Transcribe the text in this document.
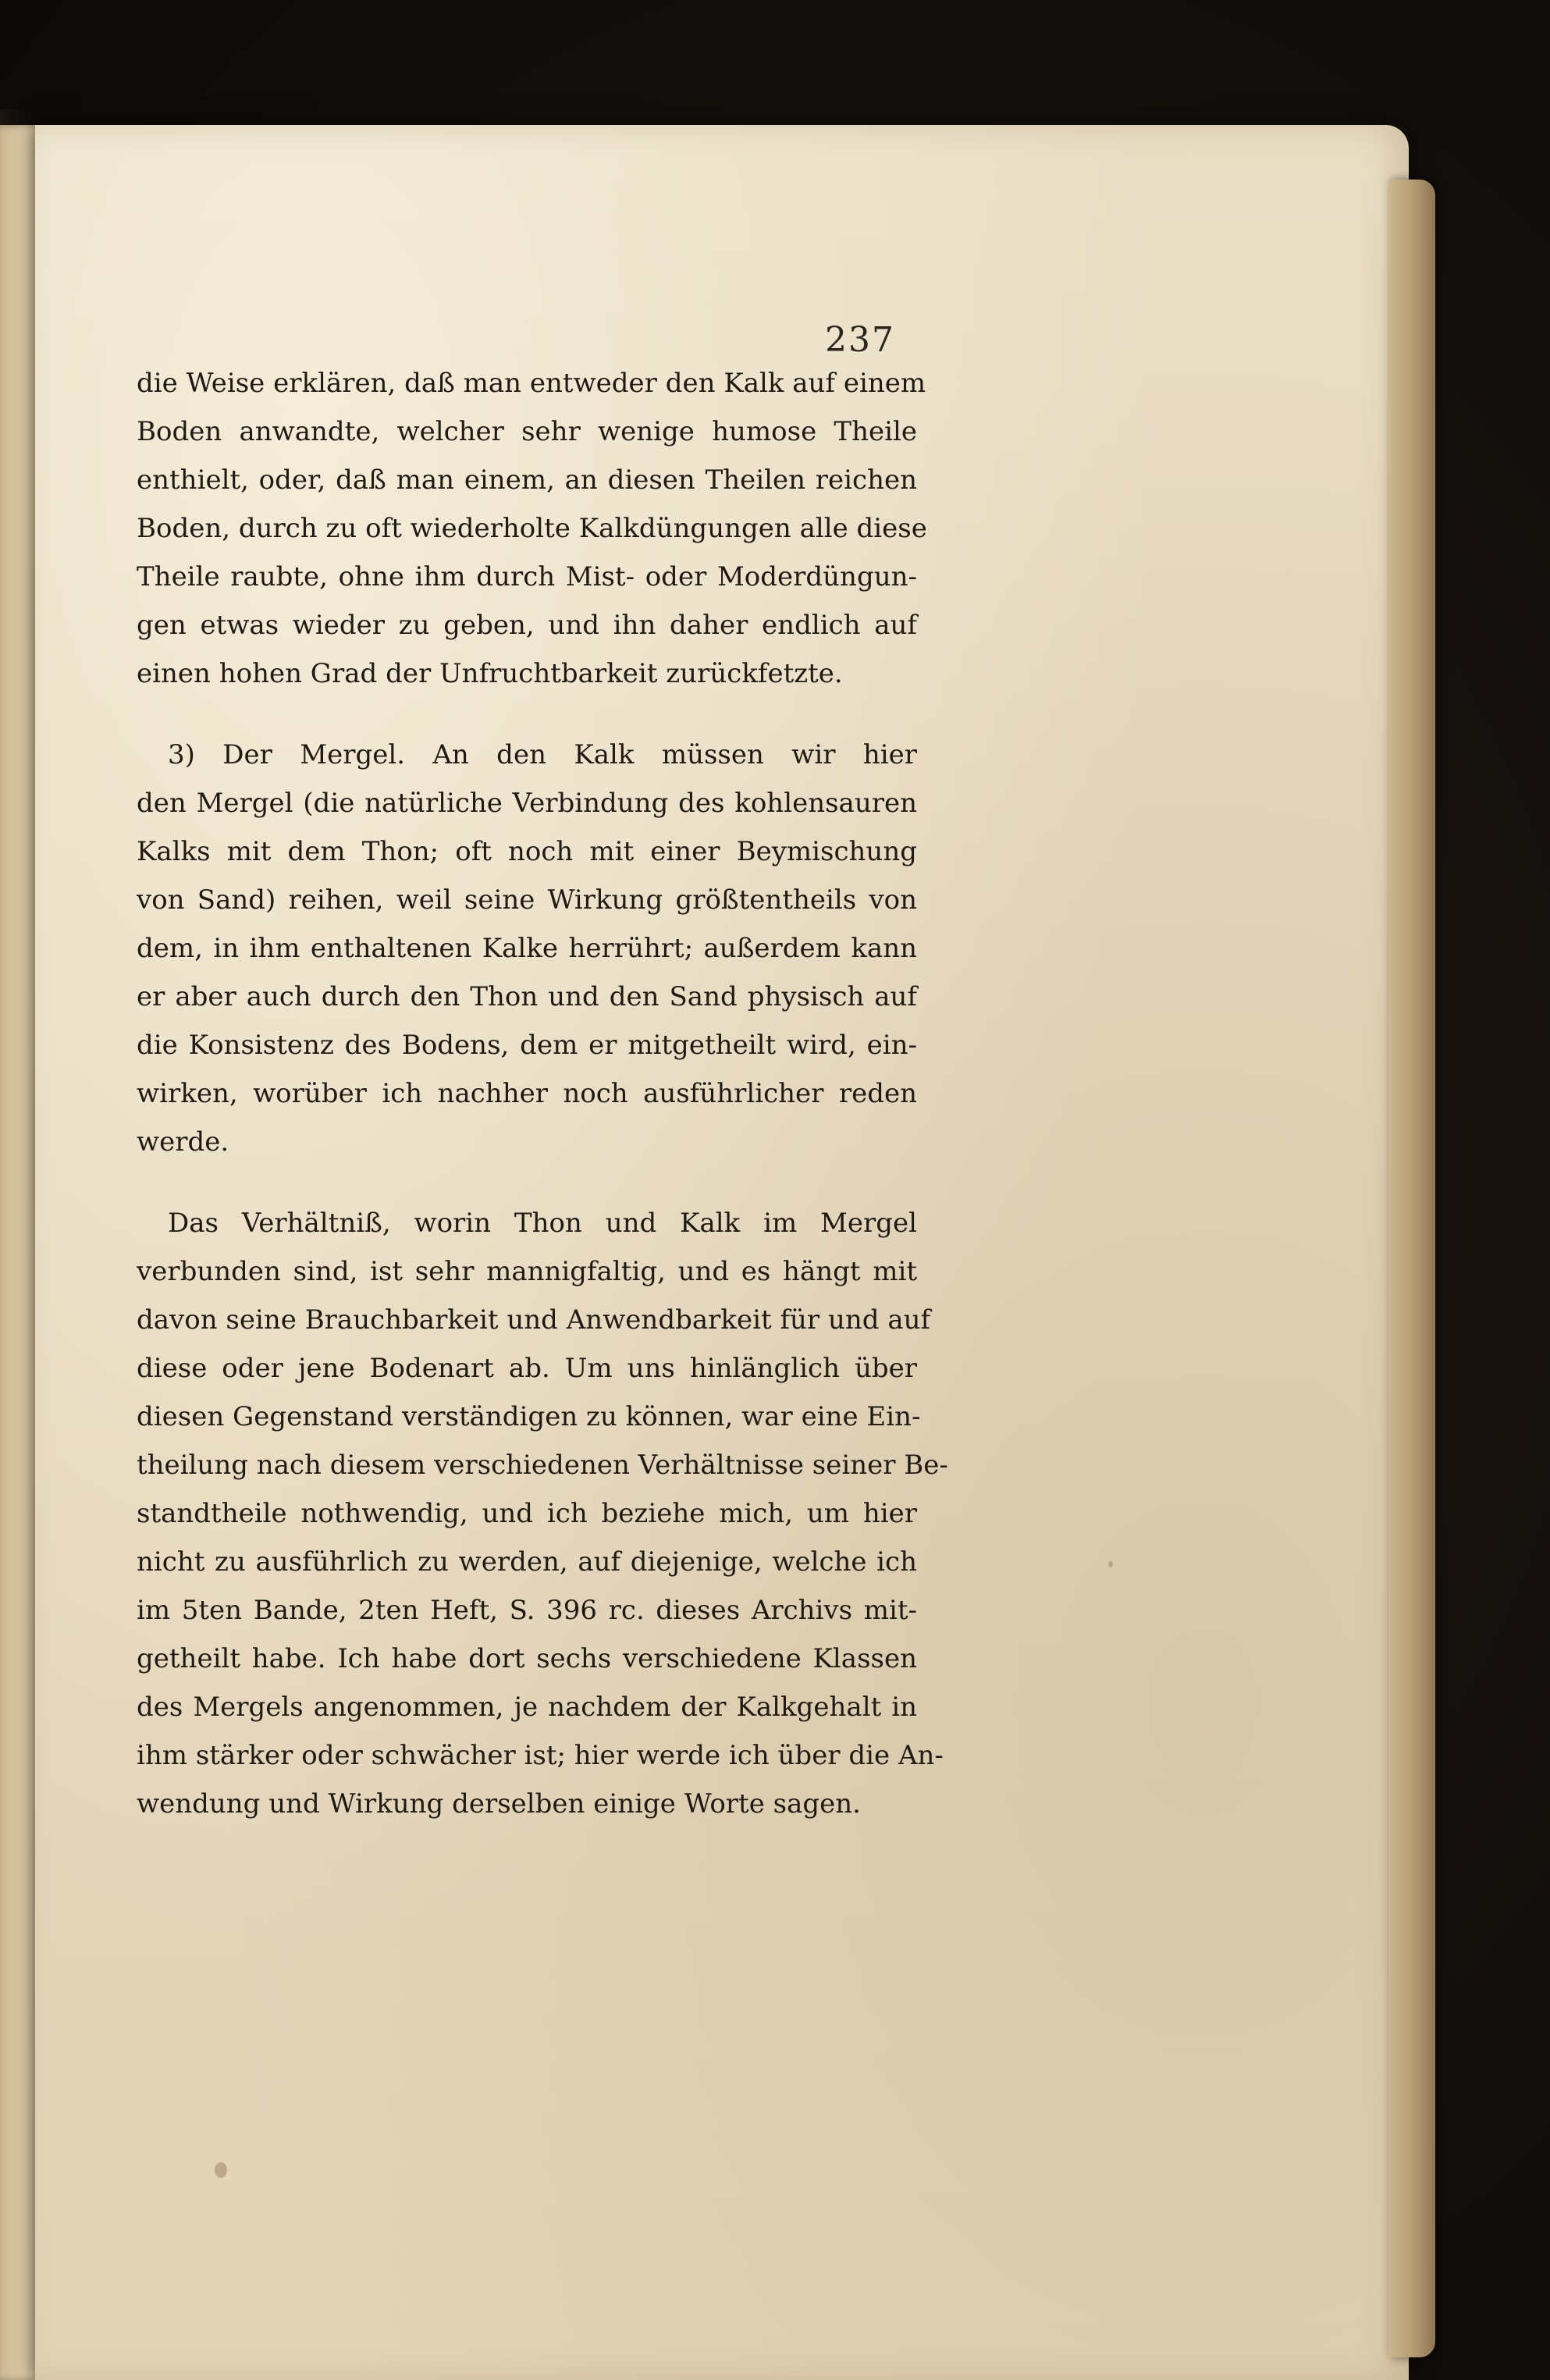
237
die Weise erklären, daß man entweder den Kalk auf einem
Boden anwandte, welcher sehr wenige humose Theile
enthielt, oder, daß man einem, an diesen Theilen reichen
Boden, durch zu oft wiederholte Kalkdüngungen alle diese
Theile raubte, ohne ihm durch Mist- oder Moderdüngun-
gen etwas wieder zu geben, und ihn daher endlich auf
einen hohen Grad der Unfruchtbarkeit zurückfetzte.
3) Der Mergel. An den Kalk müssen wir hier
den Mergel (die natürliche Verbindung des kohlensauren
Kalks mit dem Thon; oft noch mit einer Beymischung
von Sand) reihen, weil seine Wirkung größtentheils von
dem, in ihm enthaltenen Kalke herrührt; außerdem kann
er aber auch durch den Thon und den Sand physisch auf
die Konsistenz des Bodens, dem er mitgetheilt wird, ein-
wirken, worüber ich nachher noch ausführlicher reden
werde.
Das Verhältniß, worin Thon und Kalk im Mergel
verbunden sind, ist sehr mannigfaltig, und es hängt mit
davon seine Brauchbarkeit und Anwendbarkeit für und auf
diese oder jene Bodenart ab. Um uns hinlänglich über
diesen Gegenstand verständigen zu können, war eine Ein-
theilung nach diesem verschiedenen Verhältnisse seiner Be-
standtheile nothwendig, und ich beziehe mich, um hier
nicht zu ausführlich zu werden, auf diejenige, welche ich
im 5ten Bande, 2ten Heft, S. 396 rc. dieses Archivs mit-
getheilt habe. Ich habe dort sechs verschiedene Klassen
des Mergels angenommen, je nachdem der Kalkgehalt in
ihm stärker oder schwächer ist; hier werde ich über die An-
wendung und Wirkung derselben einige Worte sagen.
